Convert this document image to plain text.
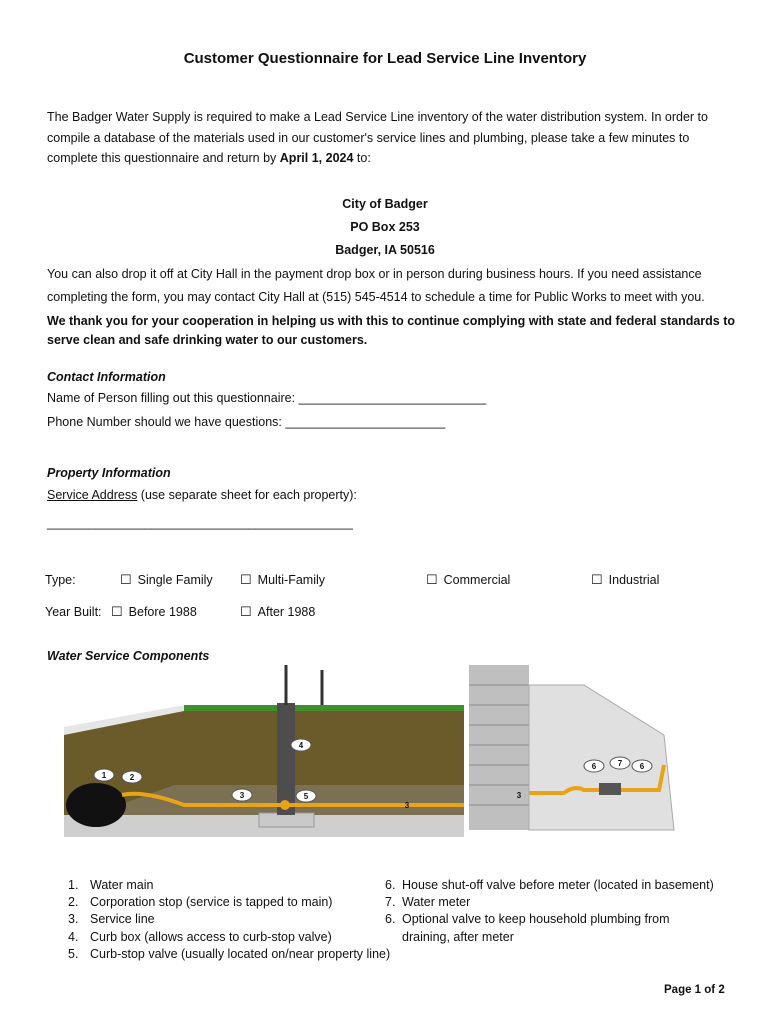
Customer Questionnaire for Lead Service Line Inventory
The Badger Water Supply is required to make a Lead Service Line inventory of the water distribution system. In order to
compile a database of the materials used in our customer's service lines and plumbing, please take a few minutes to
complete this questionnaire and return by April 1, 2024 to:
City of Badger
PO Box 253
Badger, IA 50516
You can also drop it off at City Hall in the payment drop box or in person during business hours. If you need assistance
completing the form, you may contact City Hall at (515) 545-4514 to schedule a time for Public Works to meet with you.
We thank you for your cooperation in helping us with this to continue complying with state and federal standards to
serve clean and safe drinking water to our customers.
Contact Information
Name of Person filling out this questionnaire: ___________________________
Phone Number should we have questions: _______________________
Property Information
Service Address (use separate sheet for each property):
____________________________________________
Type:	☐ Single Family ☐ Multi-Family	☐ Commercial	☐ Industrial
Year Built: ☐ Before 1988	☐ After 1988
Water Service Components
1	2
3
4
5
3
3
6	7 6
1. Water main
2. Corporation stop (service is tapped to main)
3. Service line
4. Curb box (allows access to curb-stop valve)
5. Curb-stop valve (usually located on/near property line)
6. House shut-off valve before meter (located in basement)
7. Water meter
6. Optional valve to keep household plumbing from
draining, after meter
Page 1 of 2
